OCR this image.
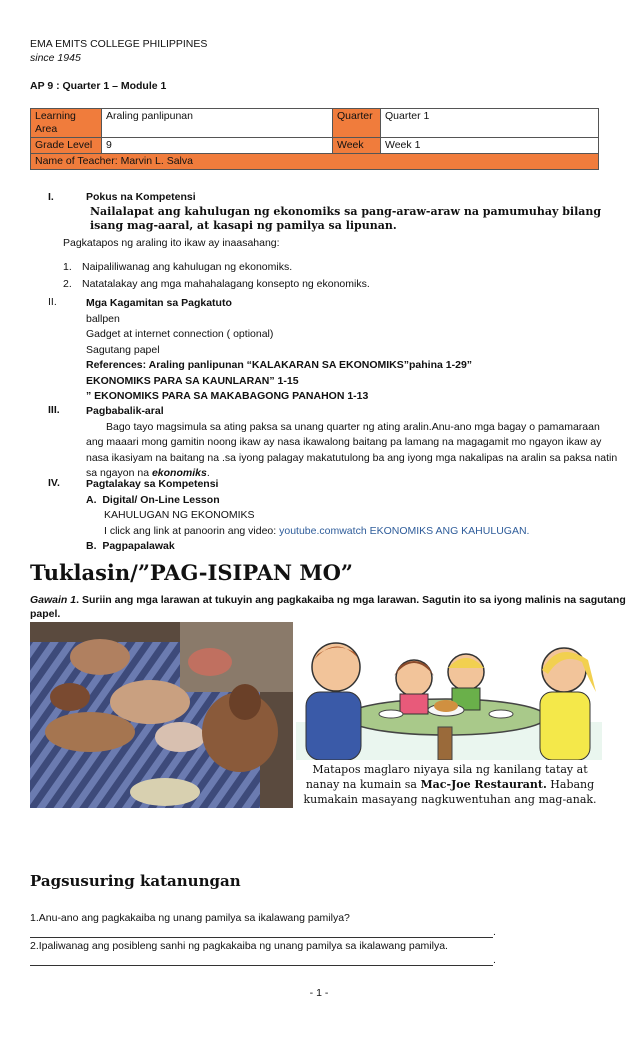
EMA EMITS COLLEGE PHILIPPINES
since 1945
AP 9 : Quarter 1 – Module 1
Learning Area	Araling panlipunan	Quarter	Quarter 1
Grade Level	9	Week	Week 1
Name of Teacher: Marvin L. Salva			
I.	Pokus na Kompetensi
Nailalapat ang kahulugan ng ekonomiks sa pang-araw-araw na pamumuhay bilang
isang mag-aaral, at kasapi ng pamilya sa lipunan.
Pagkatapos ng araling ito ikaw ay inaasahang:
1. Naipaliliwanag ang kahulugan ng ekonomiks.
2. Natatalakay ang mga mahahalagang konsepto ng ekonomiks.
II.	Mga Kagamitan sa Pagkatuto
ballpen
Gadget at internet connection ( optional)
Sagutang papel
References: Araling panlipunan “KALAKARAN SA EKONOMIKS”pahina 1-29”
EKONOMIKS PARA SA KAUNLARAN” 1-15
” EKONOMIKS PARA SA MAKABAGONG PANAHON 1-13
III.	Pagbabalik-aral
Bago tayo magsimula sa ating paksa sa unang quarter ng ating aralin.Anu-ano mga bagay o pamamaraan
ang maaari mong gamitin noong ikaw ay nasa ikawalong baitang pa lamang na magagamit mo ngayon ikaw ay
nasa ikasiyam na baitang na .sa iyong palagay makatutulong ba ang iyong mga nakalipas na aralin sa paksa natin
sa ngayon na ekonomiks.
IV. Pagtalakay sa Kompetensi
A. Digital/ On-Line Lesson
KAHULUGAN NG EKONOMIKS
I click ang link at panoorin ang video: youtube.comwatch EKONOMIKS ANG KAHULUGAN.
B. Pagpapalawak
Tuklasin/”PAG-ISIPAN MO”
Gawain 1. Suriin ang mga larawan at tukuyin ang pagkakaiba ng mga larawan. Sagutin ito sa iyong malinis na sagutang
papel.
Matapos maglaro niyaya sila ng kanilang tatay at
nanay na kumain sa Mac-Joe Restaurant. Habang
kumakain masayang nagkuwentuhan ang mag-anak.
Pagsusuring katanungan
1.Anu-ano ang pagkakaiba ng unang pamilya sa ikalawang pamilya?
.
2.Ipaliwanag ang posibleng sanhi ng pagkakaiba ng unang pamilya sa ikalawang pamilya.
.
- 1 -
